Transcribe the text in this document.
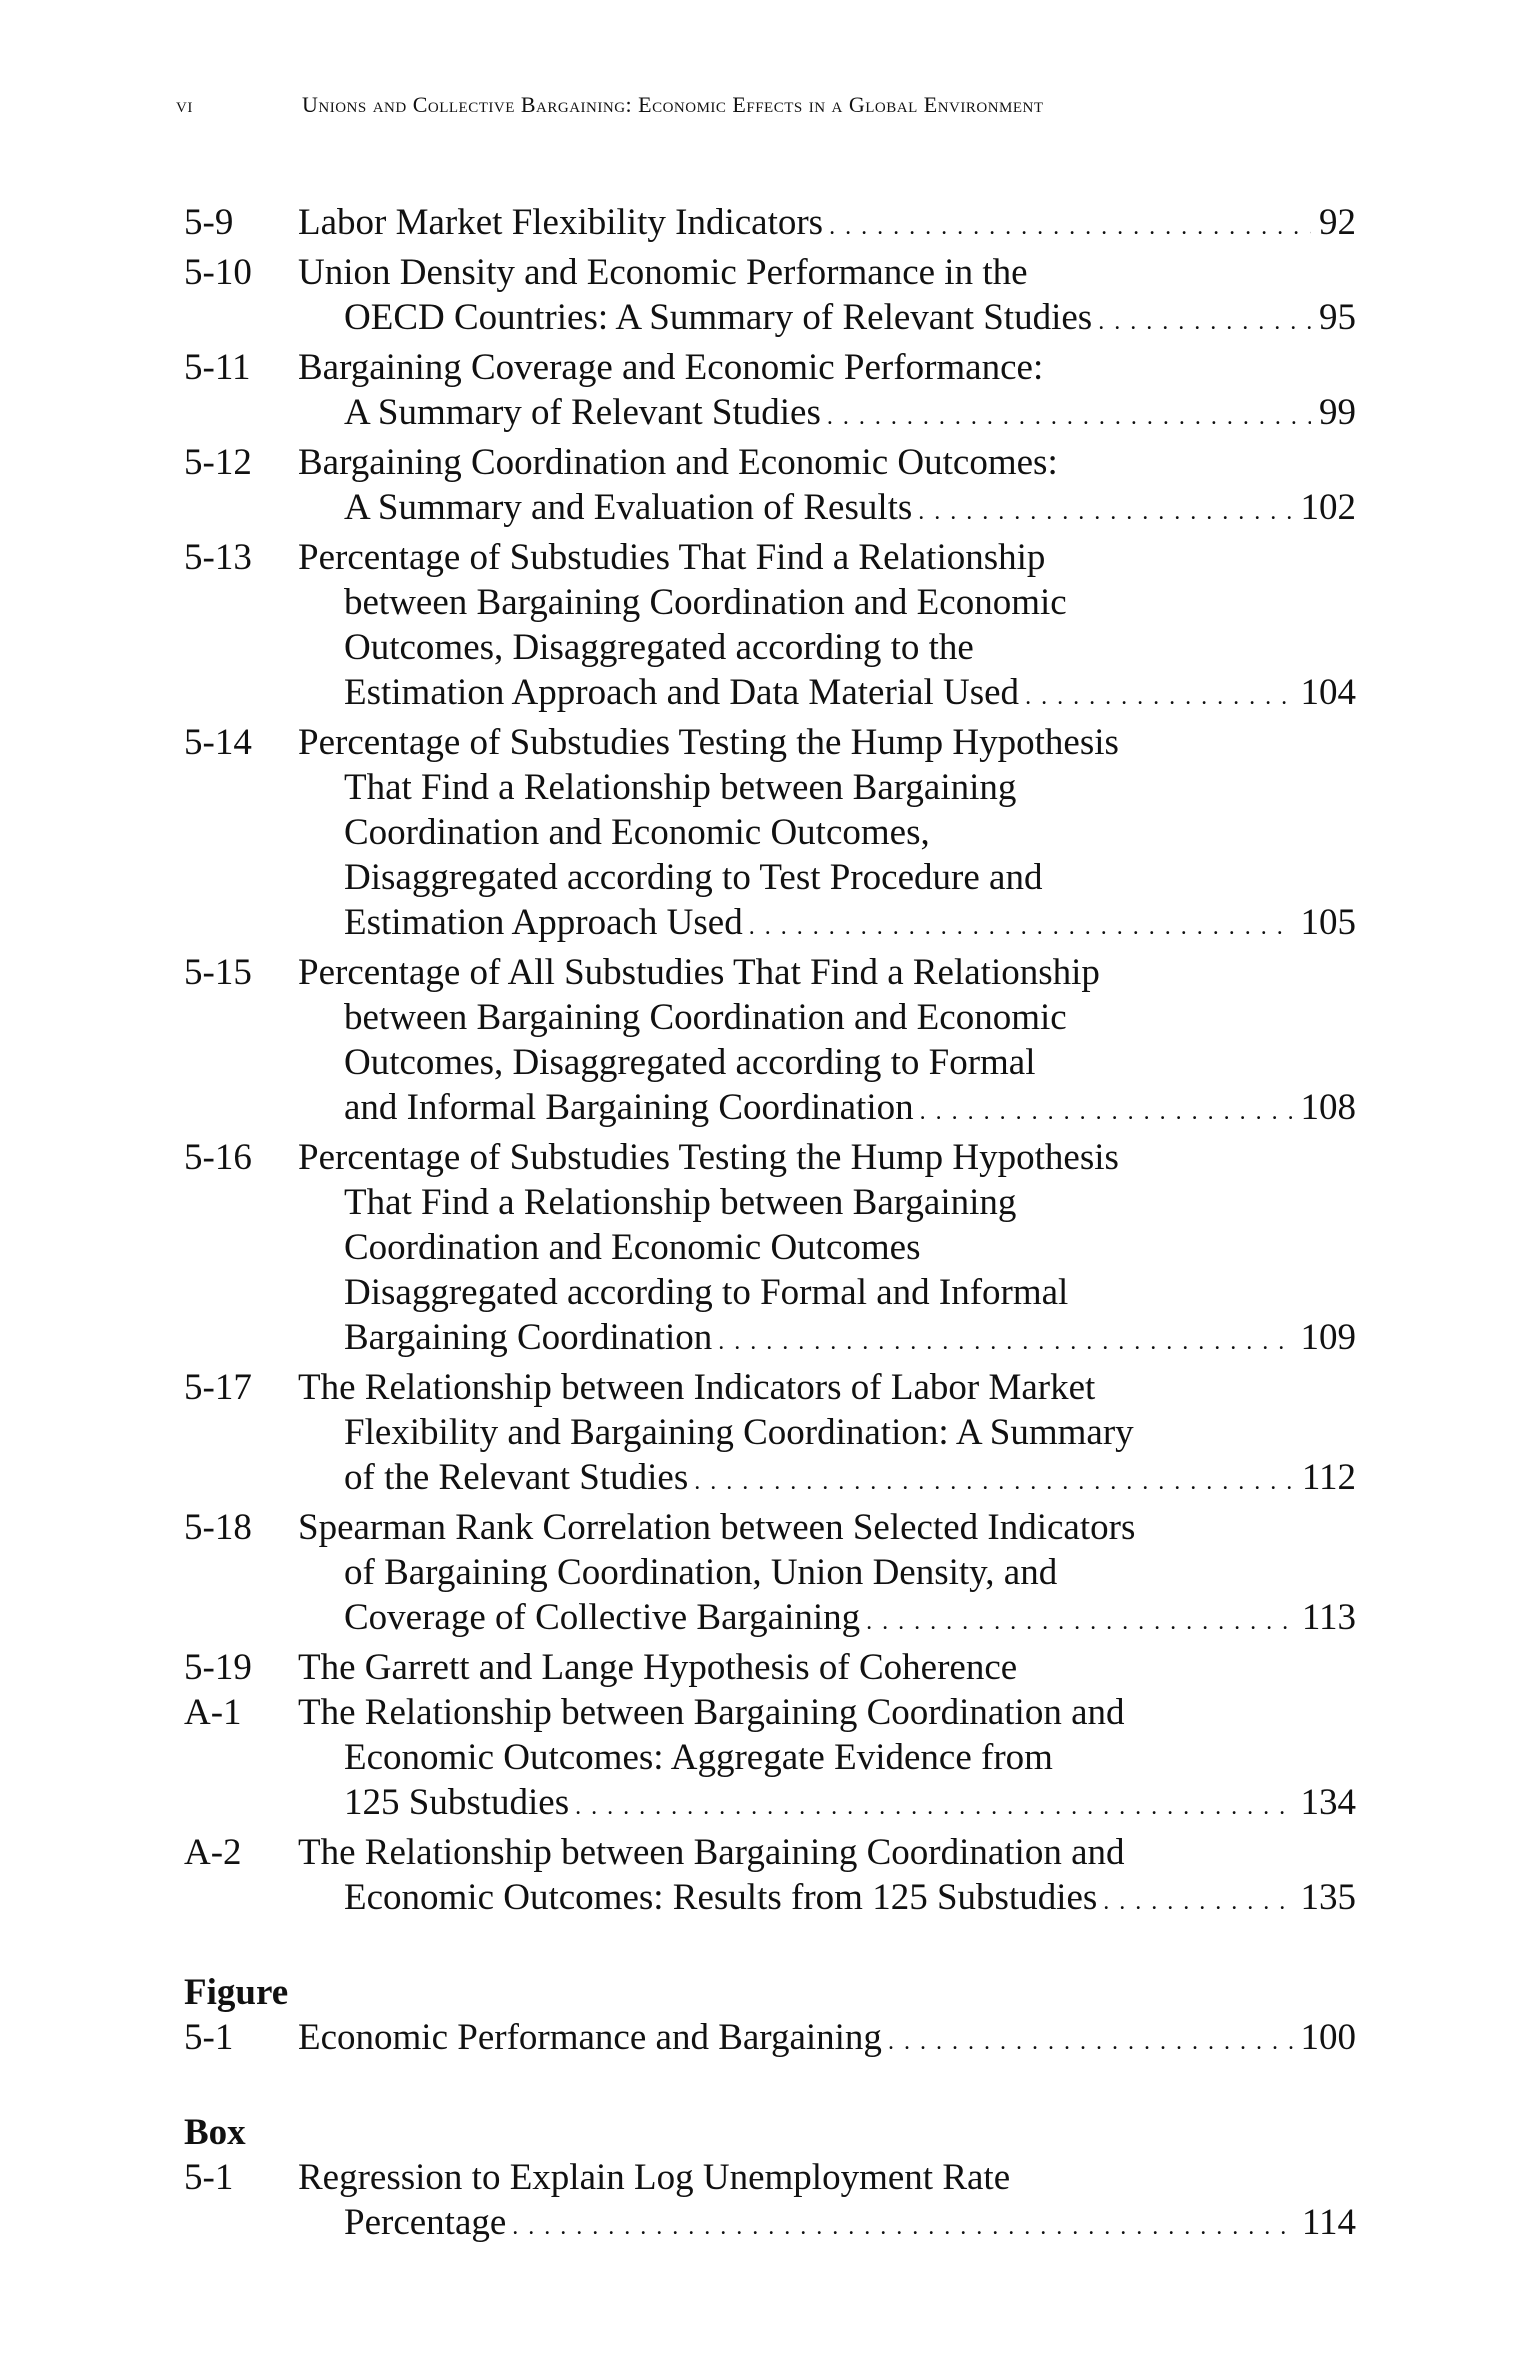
vi	Unions and Collective Bargaining: Economic Effects in a Global Environment
5-9	Labor Market Flexibility Indicators . . .	92
5-10	Union Density and Economic Performance in the
OECD Countries: A Summary of Relevant Studies . . .	95
5-11	Bargaining Coverage and Economic Performance:
A Summary of Relevant Studies . . .	99
5-12	Bargaining Coordination and Economic Outcomes:
A Summary and Evaluation of Results . . .	102
5-13	Percentage of Substudies That Find a Relationship
between Bargaining Coordination and Economic
Outcomes, Disaggregated according to the
Estimation Approach and Data Material Used . . .	104
5-14	Percentage of Substudies Testing the Hump Hypothesis
That Find a Relationship between Bargaining
Coordination and Economic Outcomes,
Disaggregated according to Test Procedure and
Estimation Approach Used . . .	105
5-15	Percentage of All Substudies That Find a Relationship
between Bargaining Coordination and Economic
Outcomes, Disaggregated according to Formal
and Informal Bargaining Coordination . . .	108
5-16	Percentage of Substudies Testing the Hump Hypothesis
That Find a Relationship between Bargaining
Coordination and Economic Outcomes
Disaggregated according to Formal and Informal
Bargaining Coordination . . .	109
5-17	The Relationship between Indicators of Labor Market
Flexibility and Bargaining Coordination: A Summary
of the Relevant Studies . . .	112
5-18	Spearman Rank Correlation between Selected Indicators
of Bargaining Coordination, Union Density, and
Coverage of Collective Bargaining . . .	113
5-19	The Garrett and Lange Hypothesis of Coherence
A-1	The Relationship between Bargaining Coordination and
Economic Outcomes: Aggregate Evidence from
125 Substudies . . .	134
A-2	The Relationship between Bargaining Coordination and
Economic Outcomes: Results from 125 Substudies . . .	135
Figure
5-1	Economic Performance and Bargaining . . .	100
Box
5-1	Regression to Explain Log Unemployment Rate
Percentage . . .	114
